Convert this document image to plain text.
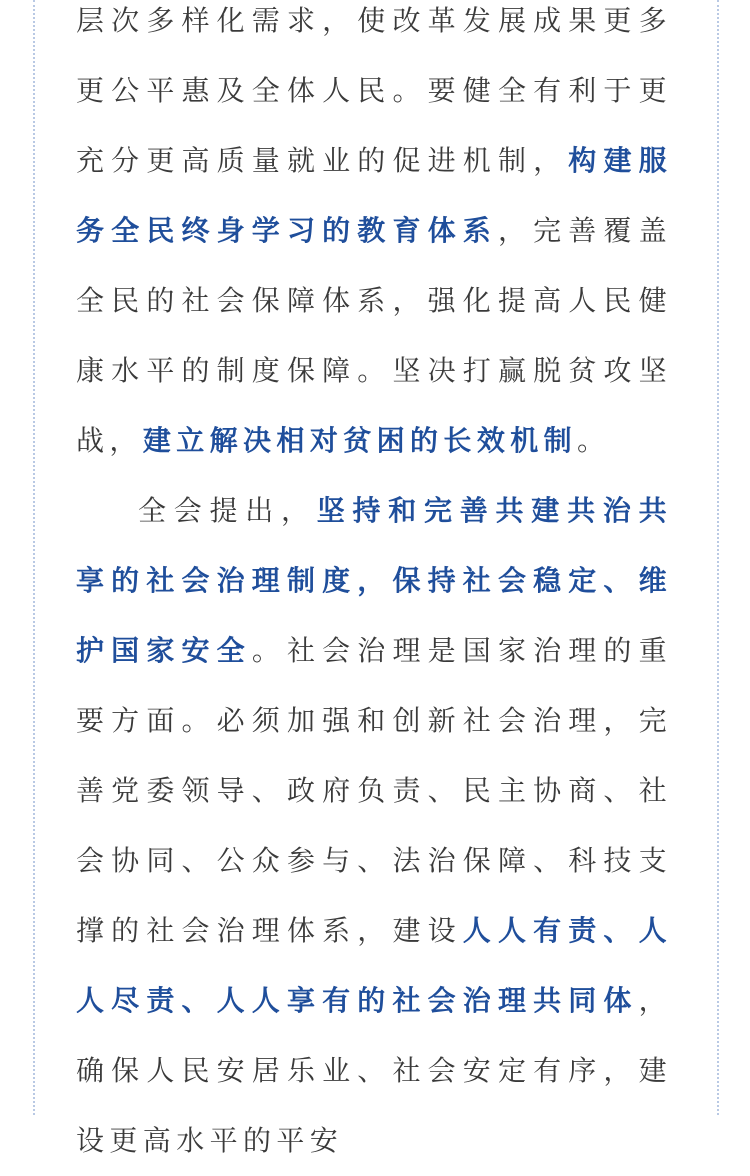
层次多样化需求，使改革发展成果更多更公平惠及全体人民。要健全有利于更充分更高质量就业的促进机制，构建服务全民终身学习的教育体系，完善覆盖全民的社会保障体系，强化提高人民健康水平的制度保障。坚决打赢脱贫攻坚战，建立解决相对贫困的长效机制。

全会提出，坚持和完善共建共治共享的社会治理制度，保持社会稳定、维护国家安全。社会治理是国家治理的重要方面。必须加强和创新社会治理，完善党委领导、政府负责、民主协商、社会协同、公众参与、法治保障、科技支撑的社会治理体系，建设人人有责、人人尽责、人人享有的社会治理共同体，确保人民安居乐业、社会安定有序，建设更高水平的平安
